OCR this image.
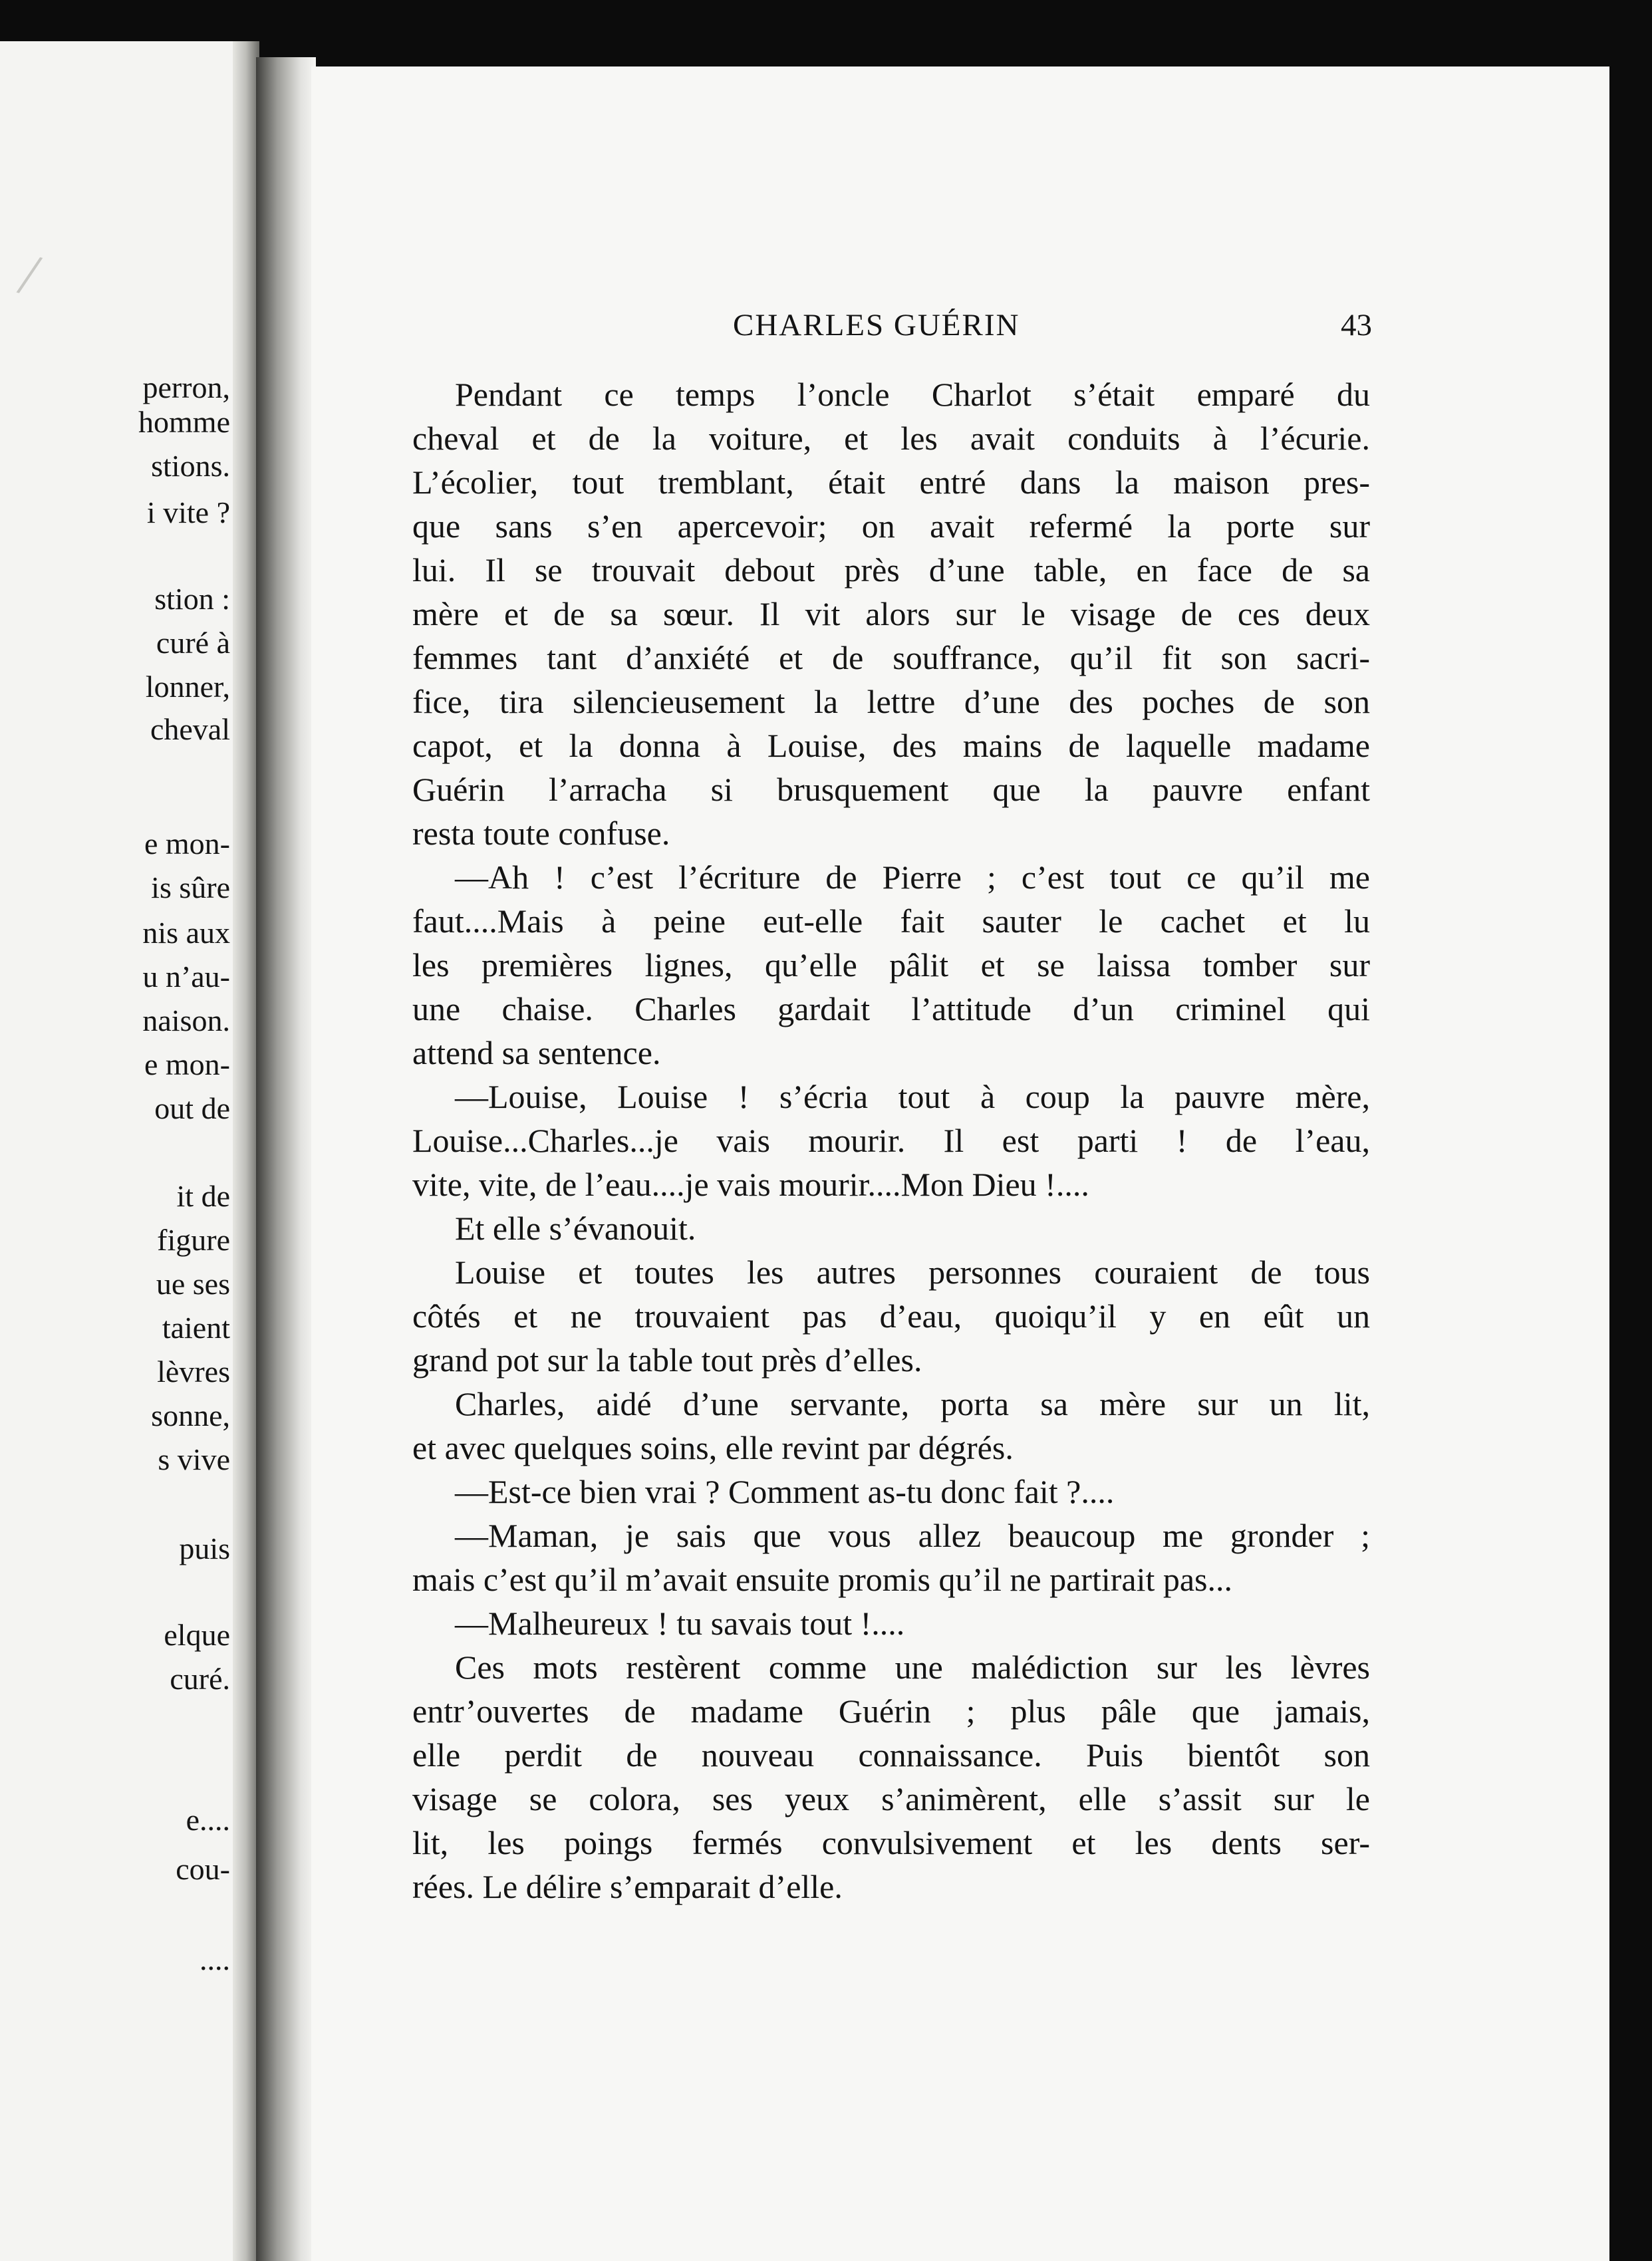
/
perron,
homme
stions.
i vite ?
stion :
curé à
lonner,
cheval
e mon-
is sûre
nis aux
u n’au-
naison.
e mon-
out de
it de
figure
ue ses
taient
lèvres
sonne,
s vive
puis
elque
curé.
e....
cou-
....
CHARLES GUÉRIN	43
Pendant ce temps l’oncle Charlot s’était emparé du
cheval et de la voiture, et les avait conduits à l’écurie.
L’écolier, tout tremblant, était entré dans la maison pres-
que sans s’en apercevoir; on avait refermé la porte sur
lui. Il se trouvait debout près d’une table, en face de sa
mère et de sa sœur. Il vit alors sur le visage de ces deux
femmes tant d’anxiété et de souffrance, qu’il fit son sacri-
fice, tira silencieusement la lettre d’une des poches de son
capot, et la donna à Louise, des mains de laquelle madame
Guérin l’arracha si brusquement que la pauvre enfant
resta toute confuse.
—Ah ! c’est l’écriture de Pierre ; c’est tout ce qu’il me
faut....Mais à peine eut-elle fait sauter le cachet et lu
les premières lignes, qu’elle pâlit et se laissa tomber sur
une chaise. Charles gardait l’attitude d’un criminel qui
attend sa sentence.
—Louise, Louise ! s’écria tout à coup la pauvre mère,
Louise...Charles...je vais mourir. Il est parti ! de l’eau,
vite, vite, de l’eau....je vais mourir....Mon Dieu !....
Et elle s’évanouit.
Louise et toutes les autres personnes couraient de tous
côtés et ne trouvaient pas d’eau, quoiqu’il y en eût un
grand pot sur la table tout près d’elles.
Charles, aidé d’une servante, porta sa mère sur un lit,
et avec quelques soins, elle revint par dégrés.
—Est-ce bien vrai ? Comment as-tu donc fait ?....
—Maman, je sais que vous allez beaucoup me gronder ;
mais c’est qu’il m’avait ensuite promis qu’il ne partirait pas...
—Malheureux ! tu savais tout !....
Ces mots restèrent comme une malédiction sur les lèvres
entr’ouvertes de madame Guérin ; plus pâle que jamais,
elle perdit de nouveau connaissance. Puis bientôt son
visage se colora, ses yeux s’animèrent, elle s’assit sur le
lit, les poings fermés convulsivement et les dents ser-
rées. Le délire s’emparait d’elle.
